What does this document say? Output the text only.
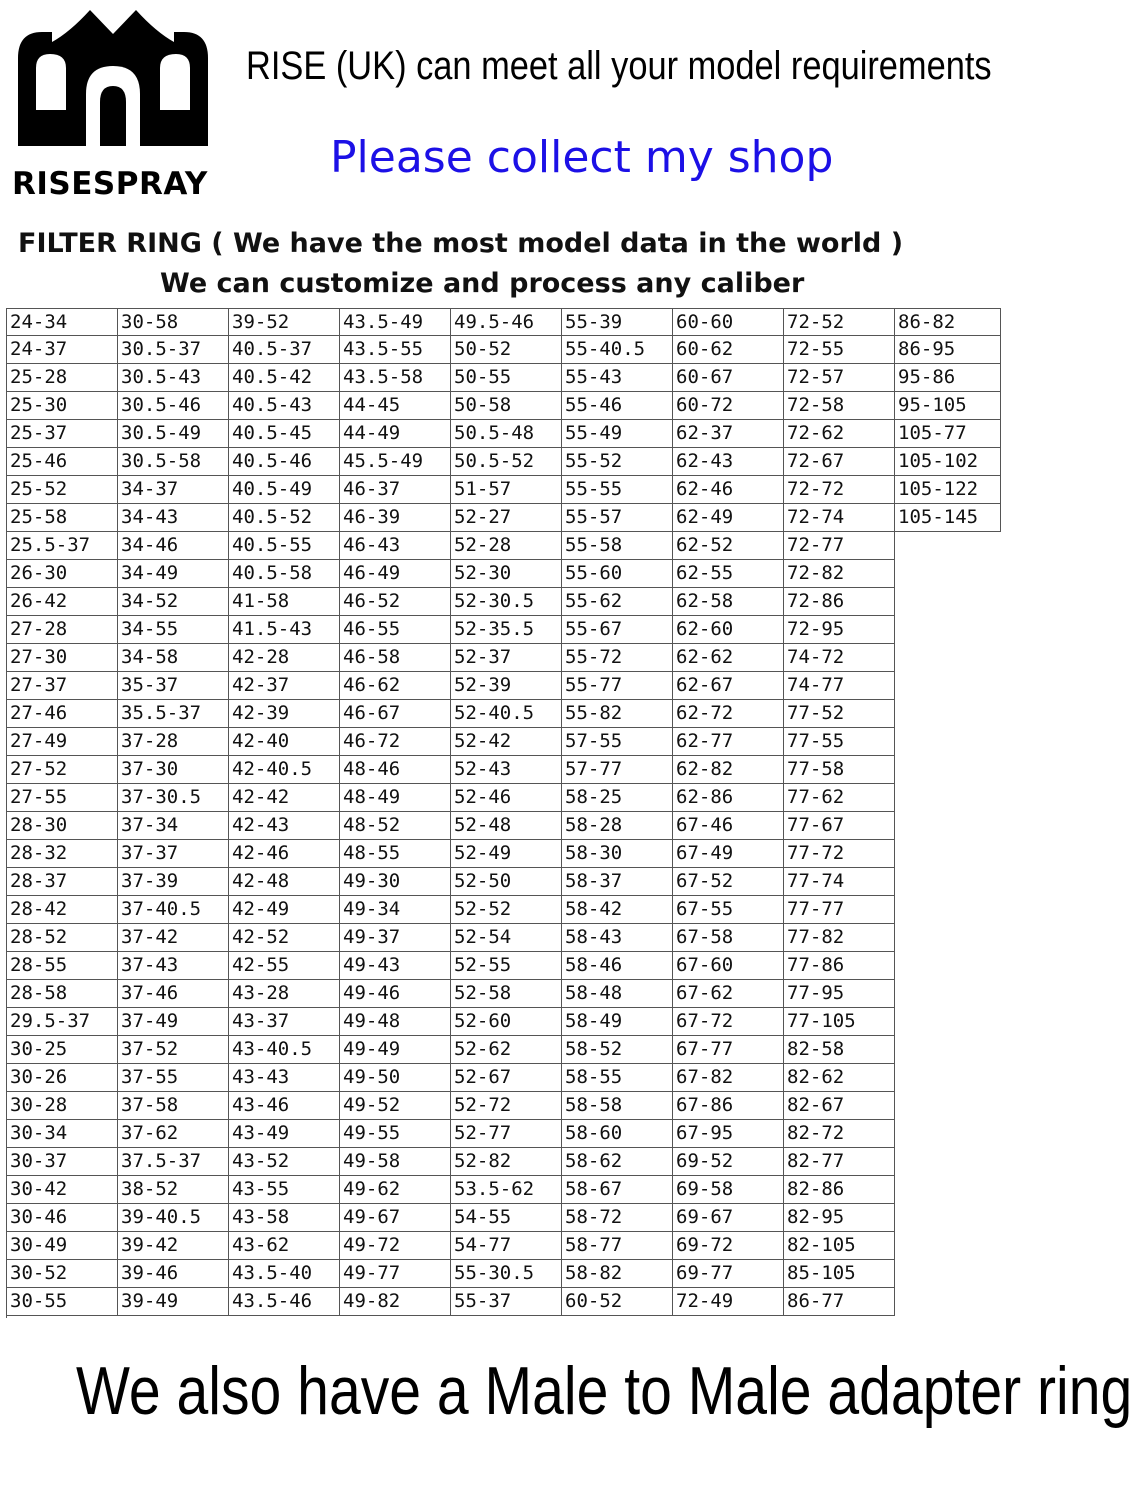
RISESPRAY
RISE (UK) can meet all your model requirements
Please collect my shop
FILTER RING ( We have the most model data in the world )
We can customize and process any caliber
24-34	30-58	39-52	43.5-49	49.5-46	55-39	60-60	72-52	86-82
24-37	30.5-37	40.5-37	43.5-55	50-52	55-40.5	60-62	72-55	86-95
25-28	30.5-43	40.5-42	43.5-58	50-55	55-43	60-67	72-57	95-86
25-30	30.5-46	40.5-43	44-45	50-58	55-46	60-72	72-58	95-105
25-37	30.5-49	40.5-45	44-49	50.5-48	55-49	62-37	72-62	105-77
25-46	30.5-58	40.5-46	45.5-49	50.5-52	55-52	62-43	72-67	105-102
25-52	34-37	40.5-49	46-37	51-57	55-55	62-46	72-72	105-122
25-58	34-43	40.5-52	46-39	52-27	55-57	62-49	72-74	105-145
25.5-37	34-46	40.5-55	46-43	52-28	55-58	62-52	72-77
26-30	34-49	40.5-58	46-49	52-30	55-60	62-55	72-82
26-42	34-52	41-58	46-52	52-30.5	55-62	62-58	72-86
27-28	34-55	41.5-43	46-55	52-35.5	55-67	62-60	72-95
27-30	34-58	42-28	46-58	52-37	55-72	62-62	74-72
27-37	35-37	42-37	46-62	52-39	55-77	62-67	74-77
27-46	35.5-37	42-39	46-67	52-40.5	55-82	62-72	77-52
27-49	37-28	42-40	46-72	52-42	57-55	62-77	77-55
27-52	37-30	42-40.5	48-46	52-43	57-77	62-82	77-58
27-55	37-30.5	42-42	48-49	52-46	58-25	62-86	77-62
28-30	37-34	42-43	48-52	52-48	58-28	67-46	77-67
28-32	37-37	42-46	48-55	52-49	58-30	67-49	77-72
28-37	37-39	42-48	49-30	52-50	58-37	67-52	77-74
28-42	37-40.5	42-49	49-34	52-52	58-42	67-55	77-77
28-52	37-42	42-52	49-37	52-54	58-43	67-58	77-82
28-55	37-43	42-55	49-43	52-55	58-46	67-60	77-86
28-58	37-46	43-28	49-46	52-58	58-48	67-62	77-95
29.5-37	37-49	43-37	49-48	52-60	58-49	67-72	77-105
30-25	37-52	43-40.5	49-49	52-62	58-52	67-77	82-58
30-26	37-55	43-43	49-50	52-67	58-55	67-82	82-62
30-28	37-58	43-46	49-52	52-72	58-58	67-86	82-67
30-34	37-62	43-49	49-55	52-77	58-60	67-95	82-72
30-37	37.5-37	43-52	49-58	52-82	58-62	69-52	82-77
30-42	38-52	43-55	49-62	53.5-62	58-67	69-58	82-86
30-46	39-40.5	43-58	49-67	54-55	58-72	69-67	82-95
30-49	39-42	43-62	49-72	54-77	58-77	69-72	82-105
30-52	39-46	43.5-40	49-77	55-30.5	58-82	69-77	85-105
30-55	39-49	43.5-46	49-82	55-37	60-52	72-49	86-77
We also have a Male to Male adapter ring
